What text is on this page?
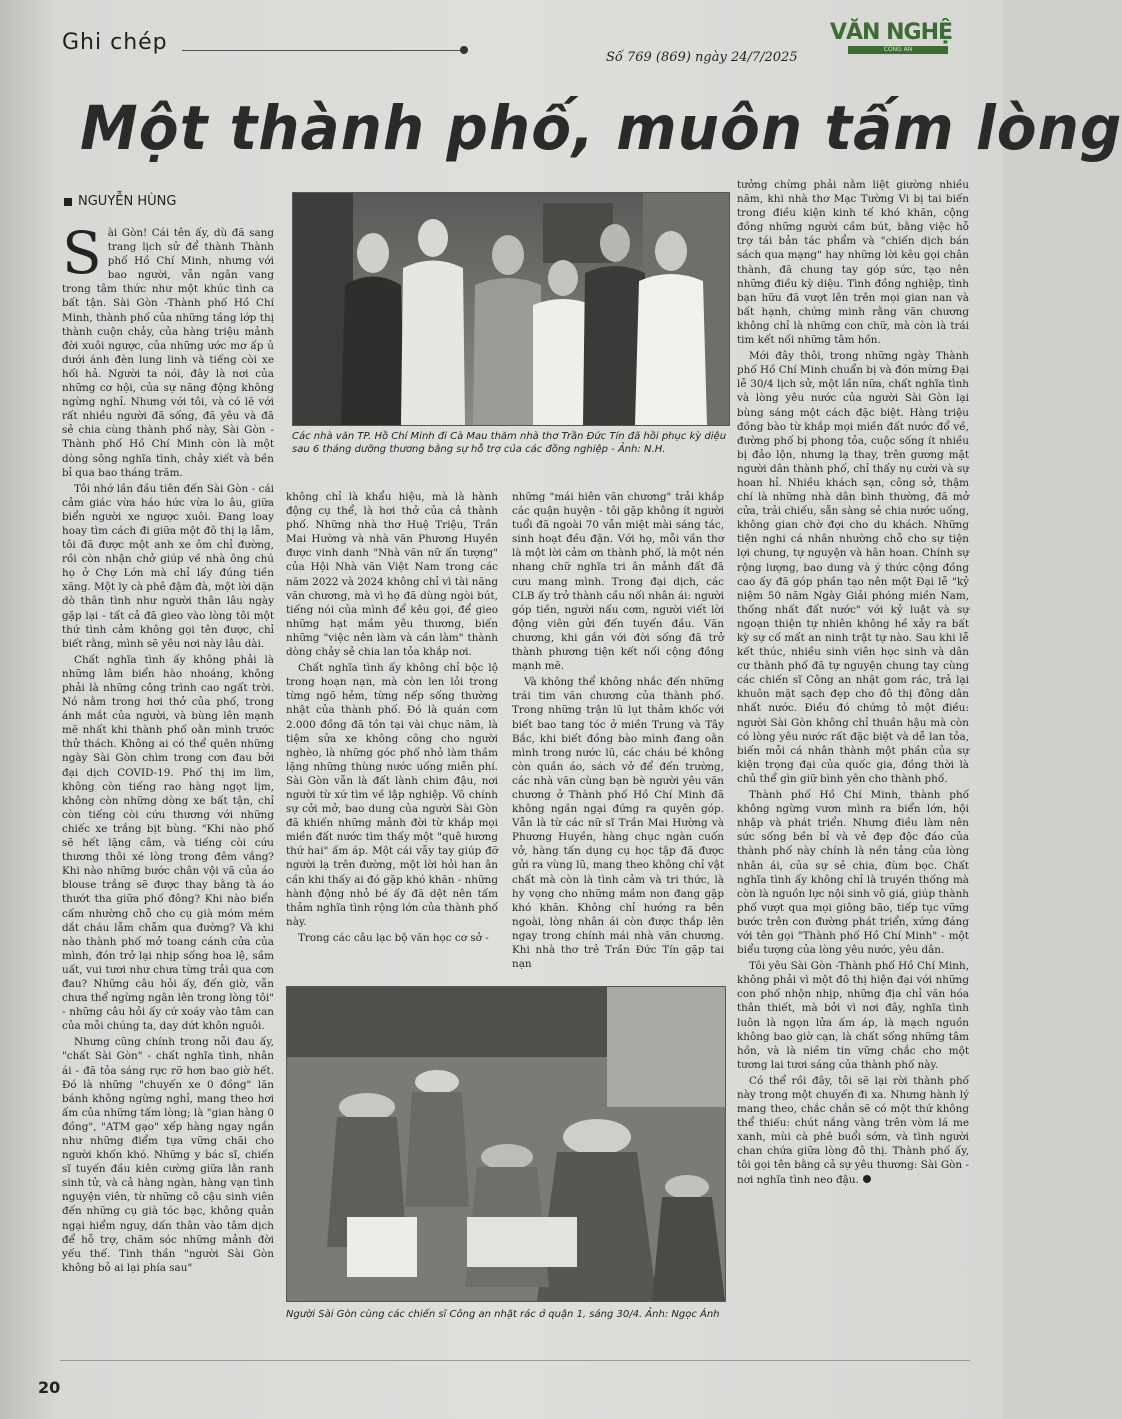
Ghi chép
Số 769 (869) ngày 24/7/2025
VĂN NGHỆ
CÔNG AN
Một thành phố, muôn tấm lòng
NGUYỄN HÙNG

Sài Gòn! Cái tên ấy, dù đã sang trang lịch sử để thành Thành phố Hồ Chí Minh, nhưng với bao người, vẫn ngân vang trong tâm thức như một khúc tình ca bất tận. Sài Gòn -Thành phố Hồ Chí Minh, thành phố của những tầng lớp thị thành cuộn chảy, của hàng triệu mảnh đời xuôi ngược, của những ước mơ ấp ủ dưới ánh đèn lung linh và tiếng còi xe hối hả. Người ta nói, đây là nơi của những cơ hội, của sự năng động không ngừng nghỉ. Nhưng với tôi, và có lẽ với rất nhiều người đã sống, đã yêu và đã sẻ chia cùng thành phố này, Sài Gòn - Thành phố Hồ Chí Minh còn là một dòng sông nghĩa tình, chảy xiết và bền bỉ qua bao tháng trăm.

Tôi nhớ lần đầu tiên đến Sài Gòn - cái cảm giác vừa háo hức vừa lo âu, giữa biển người xe ngược xuôi. Đang loay hoay tìm cách đi giữa một đô thị lạ lẫm, tôi đã được một anh xe ôm chỉ đường, rồi còn nhận chở giúp về nhà ông chú họ ở Chợ Lớn mà chỉ lấy đúng tiền xăng. Một ly cà phê đậm đà, một lời dặn dò thân tình như người thân lâu ngày gặp lại - tất cả đã gieo vào lòng tôi một thứ tình cảm không gọi tên được, chỉ biết rằng, mình sẽ yêu nơi này lâu dài.

Chất nghĩa tình ấy không phải là những lâm biển hào nhoáng, không phải là những công trình cao ngất trời. Nó nằm trong hơi thở của phố, trong ánh mắt của người, và bùng lên mạnh mẽ nhất khi thành phố oằn mình trước thử thách. Không ai có thể quên những ngày Sài Gòn chìm trong cơn đau bởi đại dịch COVID-19. Phố thị im lìm, không còn tiếng rao hàng ngọt lịm, không còn những dòng xe bất tận, chỉ còn tiếng còi cứu thương với những chiếc xe trắng bịt bùng. "Khi nào phố sẽ hết lặng câm, và tiếng còi cứu thương thôi xé lòng trong đêm vắng? Khi nào những bước chân vội vã của áo blouse trắng sẽ được thay bằng tà áo thướt tha giữa phố đông? Khi nào biển cấm nhường chỗ cho cụ già móm mém dắt cháu lẫm chẫm qua đường? Và khi nào thành phố mở toang cánh cửa của mình, đón trở lại nhịp sống hoa lệ, sầm uất, vui tươi như chưa từng trải qua cơn đau? Những câu hỏi ấy, đến giờ, vẫn chưa thể ngừng ngân lên trong lòng tôi" - những câu hỏi ấy cứ xoáy vào tâm can của mỗi chúng ta, day dứt khôn nguôi.

Nhưng cũng chính trong nỗi đau ấy, "chất Sài Gòn" - chất nghĩa tình, nhân ái - đã tỏa sáng rực rỡ hơn bao giờ hết. Đó là những "chuyến xe 0 đồng" lăn bánh không ngừng nghỉ, mang theo hơi ấm của những tấm lòng; là "gian hàng 0 đồng", "ATM gạo" xếp hàng ngay ngắn như những điểm tựa vững chãi cho người khốn khó. Những y bác sĩ, chiến sĩ tuyến đầu kiên cường giữa lằn ranh sinh tử, và cả hàng ngàn, hàng vạn tình nguyện viên, từ những cô cậu sinh viên đến những cụ già tóc bạc, không quản ngại hiểm nguy, dấn thân vào tâm dịch để hỗ trợ, chăm sóc những mảnh đời yếu thế. Tinh thần "người Sài Gòn không bỏ ai lại phía sau"

Các nhà văn TP. Hồ Chí Minh đi Cà Mau thăm nhà thơ Trần Đức Tín đã hồi phục kỳ diệu sau 6 tháng dưỡng thương bằng sự hỗ trợ của các đồng nghiệp - Ảnh: N.H.

không chỉ là khẩu hiệu, mà là hành động cụ thể, là hơi thở của cả thành phố. Những nhà thơ Huệ Triệu, Trần Mai Hường và nhà văn Phương Huyền được vinh danh "Nhà văn nữ ấn tượng" của Hội Nhà văn Việt Nam trong các năm 2022 và 2024 không chỉ vì tài năng văn chương, mà vì họ đã dùng ngòi bút, tiếng nói của mình để kêu gọi, để gieo những hạt mầm yêu thương, biến những "việc nên làm và cần làm" thành dòng chảy sẻ chia lan tỏa khắp nơi.

Chất nghĩa tình ấy không chỉ bộc lộ trong hoạn nạn, mà còn len lỏi trong từng ngõ hẻm, từng nếp sống thường nhật của thành phố. Đó là quán cơm 2.000 đồng đã tồn tại vài chục năm, là tiệm sửa xe không công cho người nghèo, là những góc phố nhỏ làm thầm lặng những thùng nước uống miễn phí. Sài Gòn vẫn là đất lành chim đậu, nơi người từ xứ tìm về lập nghiệp. Vô chính sự cởi mở, bao dung của người Sài Gòn đã khiến những mảnh đời từ khắp mọi miền đất nước tìm thấy một "quê hương thứ hai" ấm áp. Một cái vẫy tay giúp đỡ người lạ trên đường, một lời hỏi han ân cần khi thấy ai đó gặp khó khăn - những hành động nhỏ bé ấy đã dệt nên tấm thảm nghĩa tình rộng lớn của thành phố này.

Trong các câu lạc bộ văn học cơ sở -

những "mái hiên văn chương" trải khắp các quận huyện - tôi gặp không ít người tuổi đã ngoài 70 vẫn miệt mài sáng tác, sinh hoạt đều đặn. Với họ, mỗi vần thơ là một lời cảm ơn thành phố, là một nén nhang chữ nghĩa tri ân mảnh đất đã cưu mang mình. Trong đại dịch, các CLB ấy trở thành cầu nối nhân ái: người góp tiền, người nấu cơm, người viết lời động viên gửi đến tuyến đầu. Văn chương, khi gắn với đời sống đã trở thành phương tiện kết nối cộng đồng mạnh mẽ.

Và không thể không nhắc đến những trái tim văn chương của thành phố. Trong những trận lũ lụt thảm khốc với biết bao tang tóc ở miền Trung và Tây Bắc, khi biết đồng bào mình đang oằn mình trong nước lũ, các cháu bé không còn quần áo, sách vở để đến trường, các nhà văn cùng bạn bè người yêu văn chương ở Thành phố Hồ Chí Minh đã không ngần ngại đứng ra quyên góp. Vẫn là từ các nữ sĩ Trần Mai Hường và Phương Huyền, hàng chục ngàn cuốn vở, hàng tấn dụng cụ học tập đã được gửi ra vùng lũ, mang theo không chỉ vật chất mà còn là tình cảm và tri thức, là hy vọng cho những mầm non đang gặp khó khăn. Không chỉ hướng ra bên ngoài, lòng nhân ái còn được thắp lên ngay trong chính mái nhà văn chương. Khi nhà thơ trẻ Trần Đức Tín gặp tai nạn

Người Sài Gòn cùng các chiến sĩ Công an nhặt rác ở quận 1, sáng 30/4. Ảnh: Ngọc Ánh

tưởng chừng phải nằm liệt giường nhiều năm, khi nhà thơ Mạc Tường Vi bị tai biến trong điều kiện kinh tế khó khăn, cộng đồng những người cầm bút, bằng việc hỗ trợ tái bản tác phẩm và "chiến dịch bán sách qua mạng" hay những lời kêu gọi chân thành, đã chung tay góp sức, tạo nên những điều kỳ diệu. Tình đồng nghiệp, tình bạn hữu đã vượt lên trên mọi gian nan và bất hạnh, chứng minh rằng văn chương không chỉ là những con chữ, mà còn là trái tim kết nối những tâm hồn.

Mới đây thôi, trong những ngày Thành phố Hồ Chí Minh chuẩn bị và đón mừng Đại lễ 30/4 lịch sử, một lần nữa, chất nghĩa tình và lòng yêu nước của người Sài Gòn lại bùng sáng một cách đặc biệt. Hàng triệu đồng bào từ khắp mọi miền đất nước đổ về, đường phố bị phong tỏa, cuộc sống ít nhiều bị đảo lộn, nhưng lạ thay, trên gương mặt người dân thành phố, chỉ thấy nụ cười và sự hoan hỉ. Nhiều khách sạn, công sở, thậm chí là những nhà dân bình thường, đã mở cửa, trải chiếu, sẵn sàng sẻ chia nước uống, không gian chờ đợi cho du khách. Những tiện nghi cá nhân nhường chỗ cho sự tiện lợi chung, tự nguyện và hân hoan. Chính sự rộng lượng, bao dung và ý thức cộng đồng cao ấy đã góp phần tạo nên một Đại lễ "kỷ niệm 50 năm Ngày Giải phóng miền Nam, thống nhất đất nước" với kỷ luật và sự ngoạn thiện tự nhiên không hề xảy ra bất kỳ sự cố mất an ninh trật tự nào. Sau khi lễ kết thúc, nhiều sinh viên học sinh và dân cư thành phố đã tự nguyện chung tay cùng các chiến sĩ Công an nhặt gom rác, trả lại khuôn mặt sạch đẹp cho đô thị đông dân nhất nước. Điều đó chứng tỏ một điều: người Sài Gòn không chỉ thuần hậu mà còn có lòng yêu nước rất đặc biệt và dễ lan tỏa, biến mỗi cá nhân thành một phần của sự kiện trọng đại của quốc gia, đồng thời là chủ thể gìn giữ bình yên cho thành phố.

Thành phố Hồ Chí Minh, thành phố không ngừng vươn mình ra biển lớn, hội nhập và phát triển. Nhưng điều làm nên sức sống bền bỉ và vẻ đẹp độc đáo của thành phố này chính là nền tảng của lòng nhân ái, của sự sẻ chia, đùm bọc. Chất nghĩa tình ấy không chỉ là truyền thống mà còn là nguồn lực nội sinh vô giá, giúp thành phố vượt qua mọi giông bão, tiếp tục vững bước trên con đường phát triển, xứng đáng với tên gọi "Thành phố Hồ Chí Minh" - một biểu tượng của lòng yêu nước, yêu dân.

Tôi yêu Sài Gòn -Thành phố Hồ Chí Minh, không phải vì một đô thị hiện đại với những con phố nhộn nhịp, những địa chỉ văn hóa thân thiết, mà bởi vì nơi đây, nghĩa tình luôn là ngọn lửa ấm áp, là mạch nguồn không bao giờ cạn, là chất sống những tâm hồn, và là niềm tin vững chắc cho một tương lai tươi sáng của thành phố này.

Có thể rồi đây, tôi sẽ lại rời thành phố này trong một chuyến đi xa. Nhưng hành lý mang theo, chắc chắn sẽ có một thứ không thể thiếu: chút nắng vàng trên vòm lá me xanh, mùi cà phê buổi sớm, và tình người chan chứa giữa lòng đô thị. Thành phố ấy, tôi gọi tên bằng cả sự yêu thương: Sài Gòn - nơi nghĩa tình neo đậu.

20
